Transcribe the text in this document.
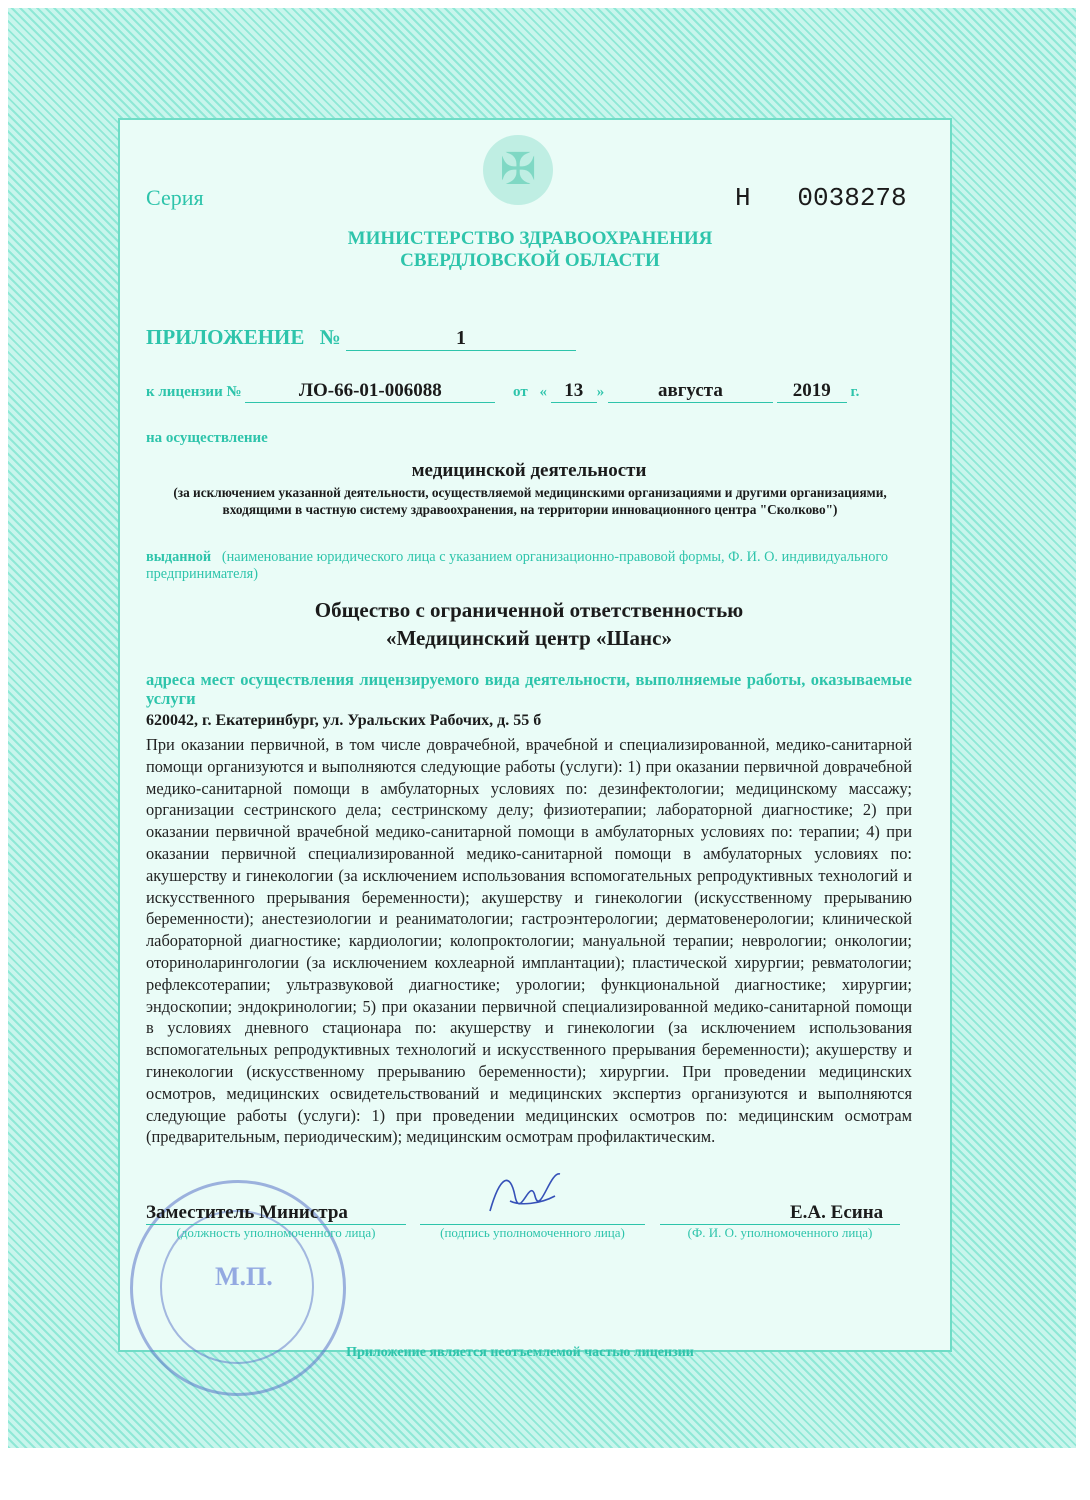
✠
Серия	Н   0038278
МИНИСТЕРСТВО ЗДРАВООХРАНЕНИЯ
СВЕРДЛОВСКОЙ ОБЛАСТИ
ПРИЛОЖЕНИЕ №	1
к лицензии №	ЛО-66-01-006088	от « 13 »	августа	2019 г.
на осуществление
медицинской деятельности
(за исключением указанной деятельности, осуществляемой медицинскими организациями и другими организациями, входящими в частную систему здравоохранения, на территории инновационного центра "Сколково")
выданной (наименование юридического лица с указанием организационно-правовой формы, Ф. И. О. индивидуального предпринимателя)
Общество с ограниченной ответственностью
«Медицинский центр «Шанс»
адреса мест осуществления лицензируемого вида деятельности, выполняемые работы, оказываемые услуги
620042, г. Екатеринбург, ул. Уральских Рабочих, д. 55 б
При оказании первичной, в том числе доврачебной, врачебной и специализированной, медико-санитарной помощи организуются и выполняются следующие работы (услуги): 1) при оказании первичной доврачебной медико-санитарной помощи в амбулаторных условиях по: дезинфектологии; медицинскому массажу; организации сестринского дела; сестринскому делу; физиотерапии; лабораторной диагностике; 2) при оказании первичной врачебной медико-санитарной помощи в амбулаторных условиях по: терапии; 4) при оказании первичной специализированной медико-санитарной помощи в амбулаторных условиях по: акушерству и гинекологии (за исключением использования вспомогательных репродуктивных технологий и искусственного прерывания беременности); акушерству и гинекологии (искусственному прерыванию беременности); анестезиологии и реаниматологии; гастроэнтерологии; дерматовенерологии; клинической лабораторной диагностике; кардиологии; колопроктологии; мануальной терапии; неврологии; онкологии; оториноларингологии (за исключением кохлеарной имплантации); пластической хирургии; ревматологии; рефлексотерапии; ультразвуковой диагностике; урологии; функциональной диагностике; хирургии; эндоскопии; эндокринологии; 5) при оказании первичной специализированной медико-санитарной помощи в условиях дневного стационара по: акушерству и гинекологии (за исключением использования вспомогательных репродуктивных технологий и искусственного прерывания беременности); акушерству и гинекологии (искусственному прерыванию беременности); хирургии. При проведении медицинских осмотров, медицинских освидетельствований и медицинских экспертиз организуются и выполняются следующие работы (услуги): 1) при проведении медицинских осмотров по: медицинским осмотрам (предварительным, периодическим); медицинским осмотрам профилактическим.
М.П.
Заместитель Министра	Е.А. Есина
(должность уполномоченного лица)	(подпись уполномоченного лица)	(Ф. И. О. уполномоченного лица)
Приложение является неотъемлемой частью лицензии
